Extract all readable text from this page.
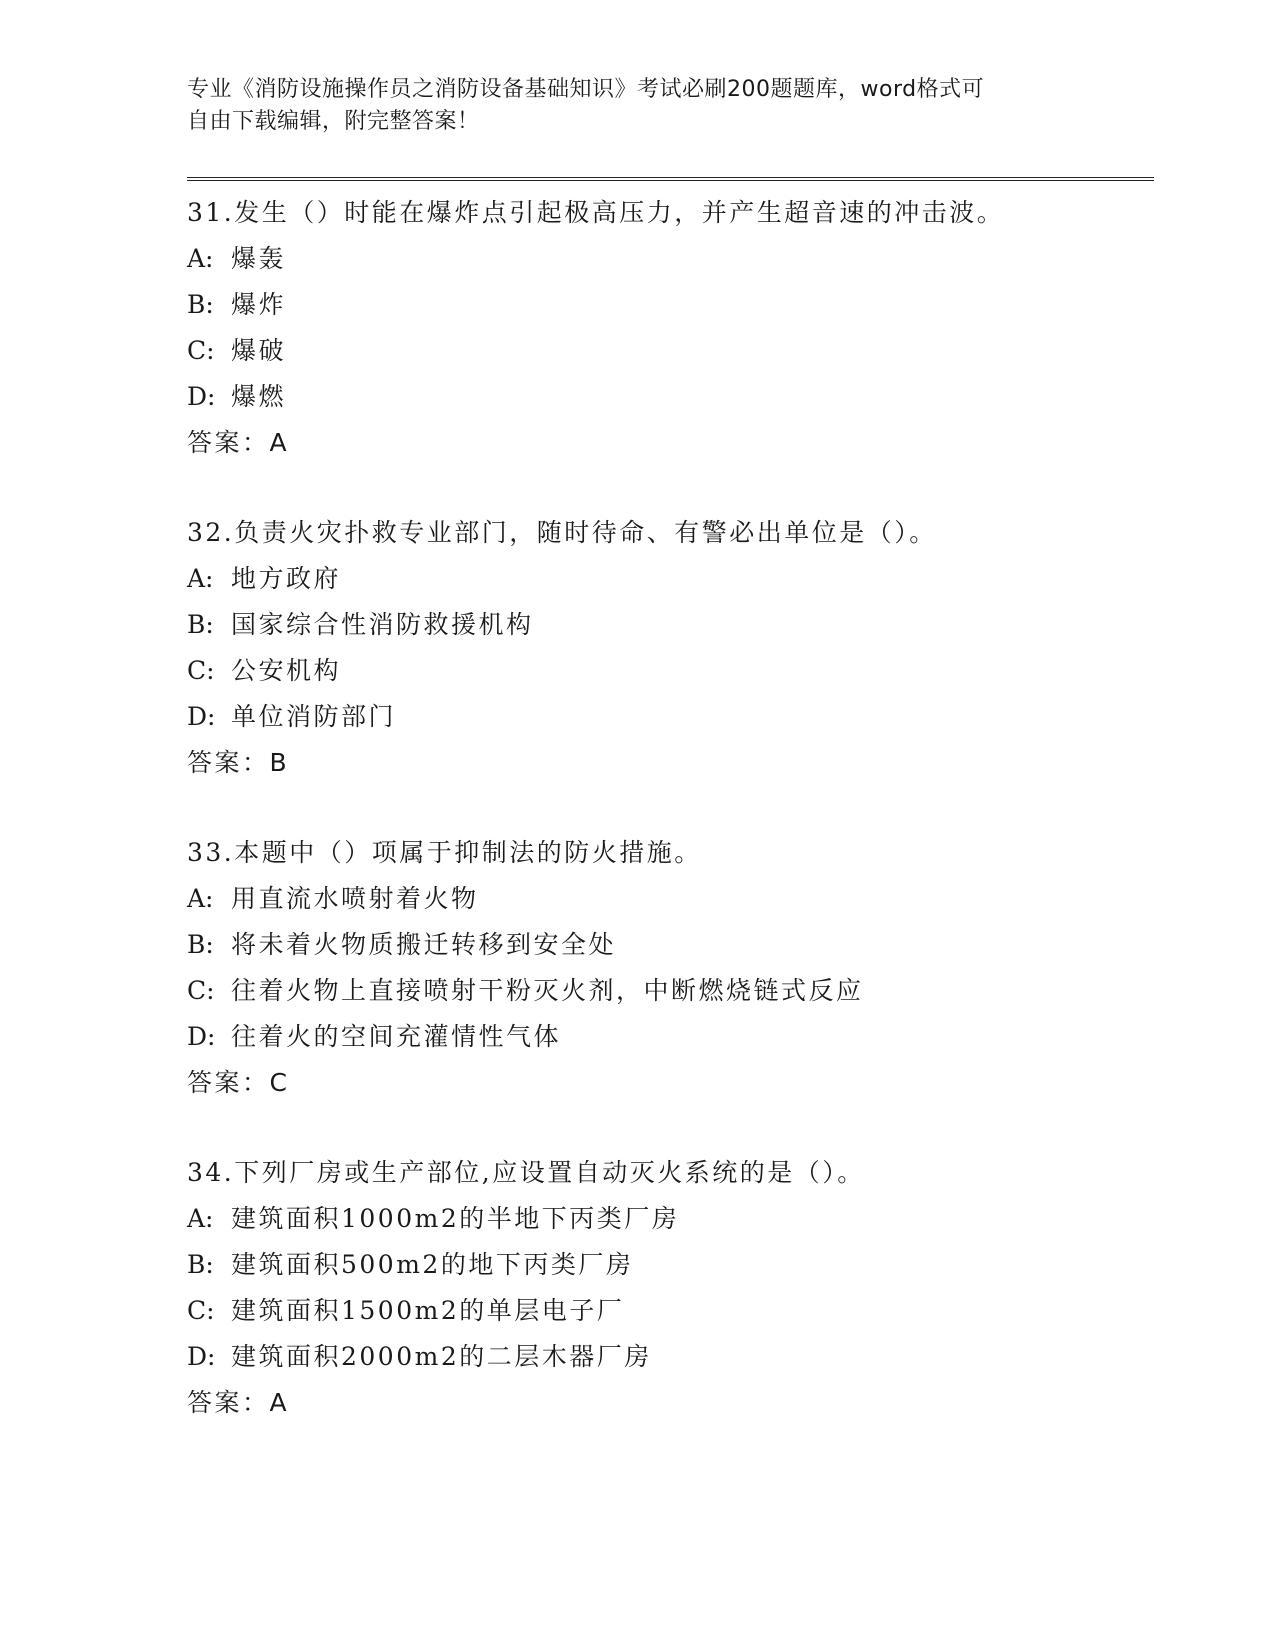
专业《消防设施操作员之消防设备基础知识》考试必刷200题题库，word格式可
自由下载编辑，附完整答案！
31.发生（）时能在爆炸点引起极高压力，并产生超音速的冲击波。
A: 爆轰
B: 爆炸
C: 爆破
D: 爆燃
答案：A
32.负责火灾扑救专业部门，随时待命、有警必出单位是（）。
A: 地方政府
B: 国家综合性消防救援机构
C: 公安机构
D: 单位消防部门
答案：B
33.本题中（）项属于抑制法的防火措施。
A: 用直流水喷射着火物
B: 将未着火物质搬迁转移到安全处
C: 往着火物上直接喷射干粉灭火剂，中断燃烧链式反应
D: 往着火的空间充灌情性气体
答案：C
34.下列厂房或生产部位,应设置自动灭火系统的是（）。
A: 建筑面积1000m2的半地下丙类厂房
B: 建筑面积500m2的地下丙类厂房
C: 建筑面积1500m2的单层电子厂
D: 建筑面积2000m2的二层木器厂房
答案：A
